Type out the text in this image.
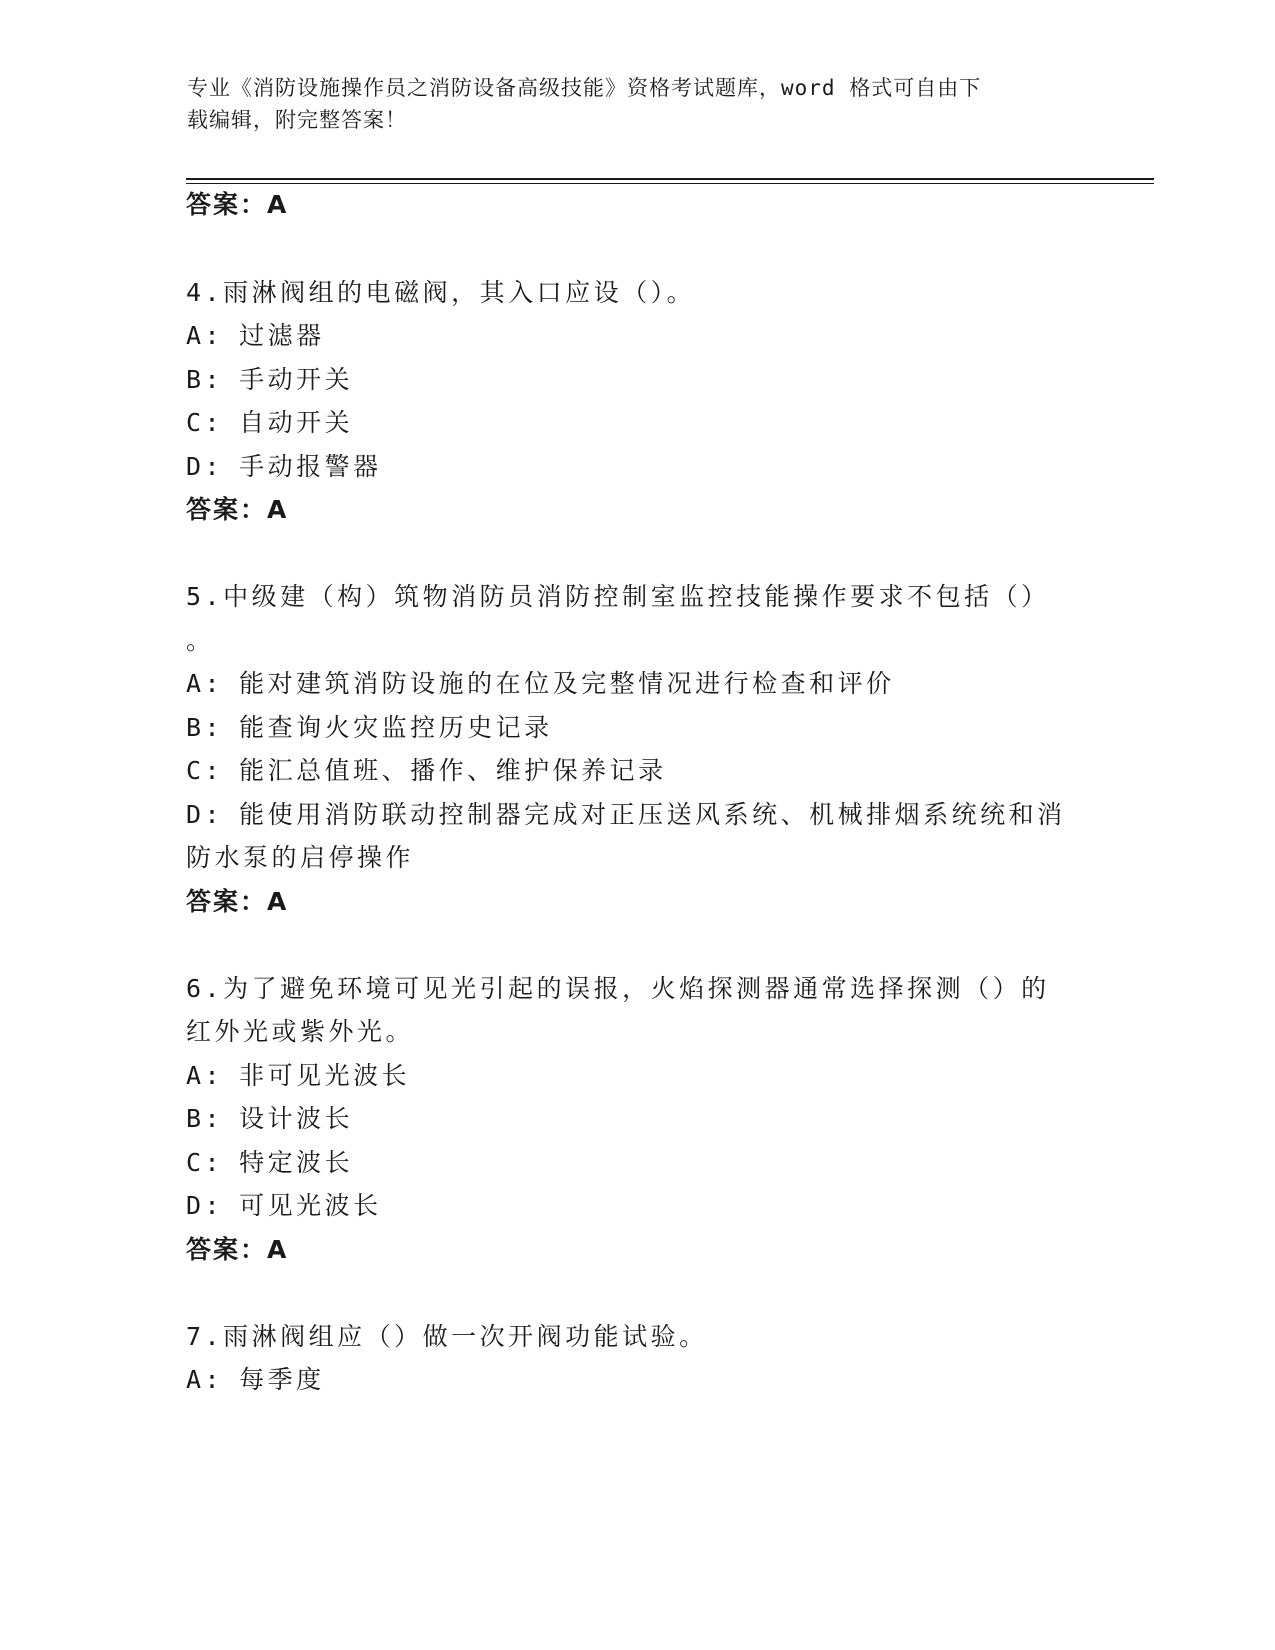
专业《消防设施操作员之消防设备高级技能》资格考试题库，word 格式可自由下
载编辑，附完整答案！
答案：A
4.雨淋阀组的电磁阀，其入口应设（）。
A: 过滤器
B: 手动开关
C: 自动开关
D: 手动报警器
答案：A
5.中级建（构）筑物消防员消防控制室监控技能操作要求不包括（）
。
A: 能对建筑消防设施的在位及完整情况进行检查和评价
B: 能查询火灾监控历史记录
C: 能汇总值班、播作、维护保养记录
D: 能使用消防联动控制器完成对正压送风系统、机械排烟系统统和消
防水泵的启停操作
答案：A
6.为了避免环境可见光引起的误报，火焰探测器通常选择探测（）的
红外光或紫外光。
A: 非可见光波长
B: 设计波长
C: 特定波长
D: 可见光波长
答案：A
7.雨淋阀组应（）做一次开阀功能试验。
A: 每季度
